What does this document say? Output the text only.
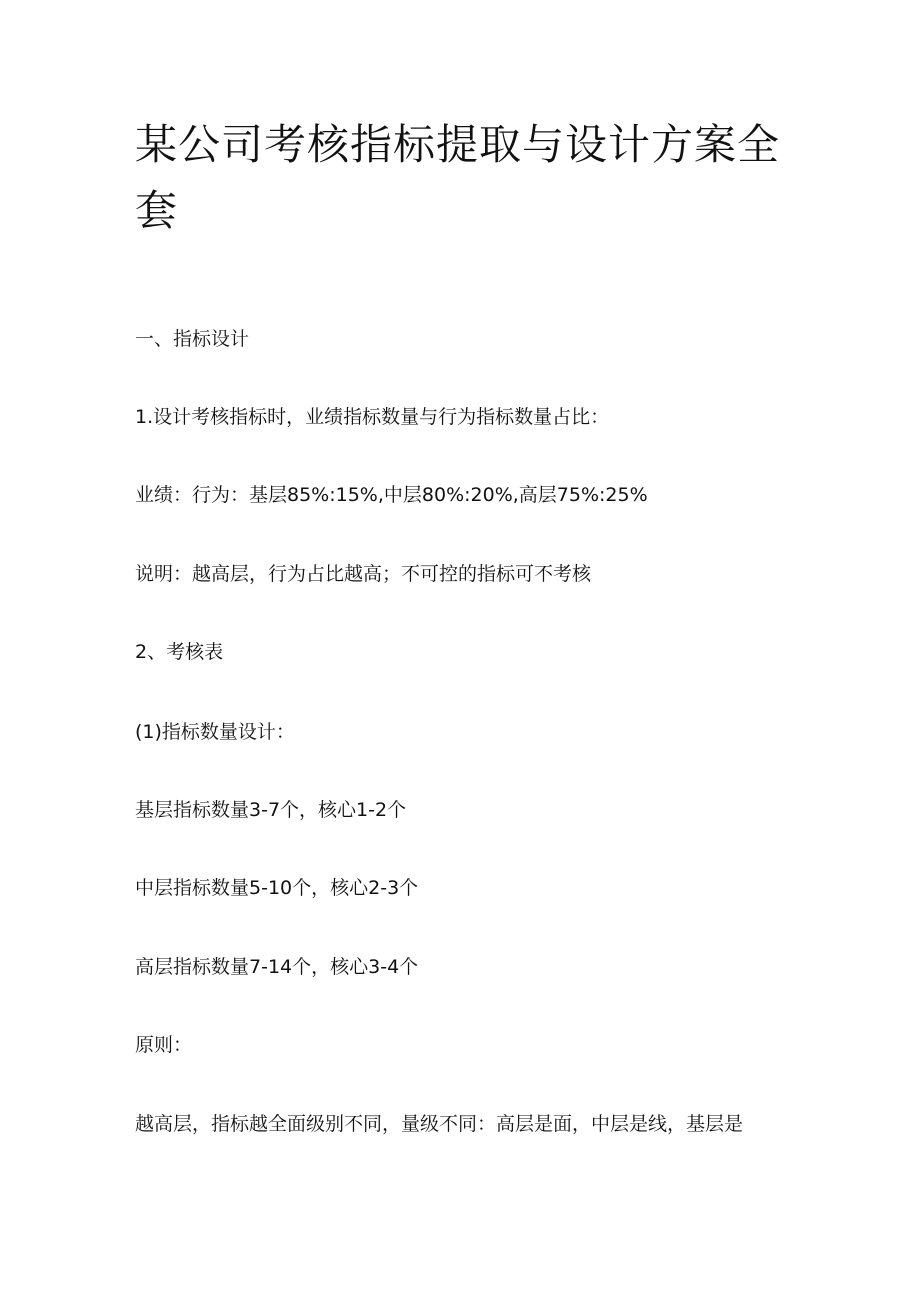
某公司考核指标提取与设计方案全套

一、指标设计

1.设计考核指标时，业绩指标数量与行为指标数量占比：

业绩：行为：基层85%:15%,中层80%:20%,高层75%:25%

说明：越高层，行为占比越高；不可控的指标可不考核

2、考核表

(1)指标数量设计：

基层指标数量3-7个，核心1-2个

中层指标数量5-10个，核心2-3个

高层指标数量7-14个，核心3-4个

原则：

越高层，指标越全面级别不同，量级不同：高层是面，中层是线，基层是
